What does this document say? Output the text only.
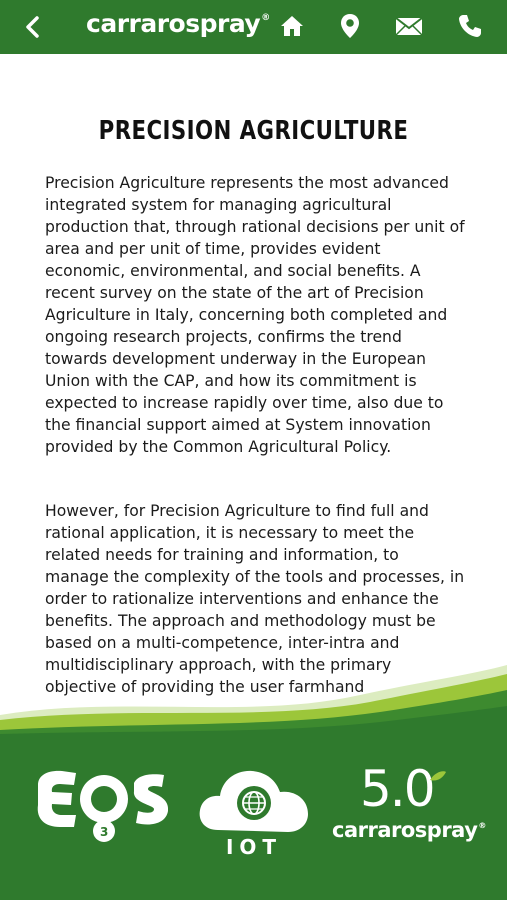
carrarospray®
PRECISION AGRICULTURE

Precision Agriculture represents the most advanced integrated system for managing agricultural production that, through rational decisions per unit of area and per unit of time, provides evident economic, environmental, and social benefits. A recent survey on the state of the art of Precision Agriculture in Italy, concerning both completed and ongoing research projects, confirms the trend towards development underway in the European Union with the CAP, and how its commitment is expected to increase rapidly over time, also due to the financial support aimed at System innovation provided by the Common Agricultural Policy.

However, for Precision Agriculture to find full and rational application, it is necessary to meet the related needs for training and information, to manage the complexity of the tools and processes, in order to rationalize interventions and enhance the benefits. The approach and methodology must be based on a multi-competence, inter-intra and multidisciplinary approach, with the primary objective of providing the user farmhand

3
IOT
5.0
carrarospray®
